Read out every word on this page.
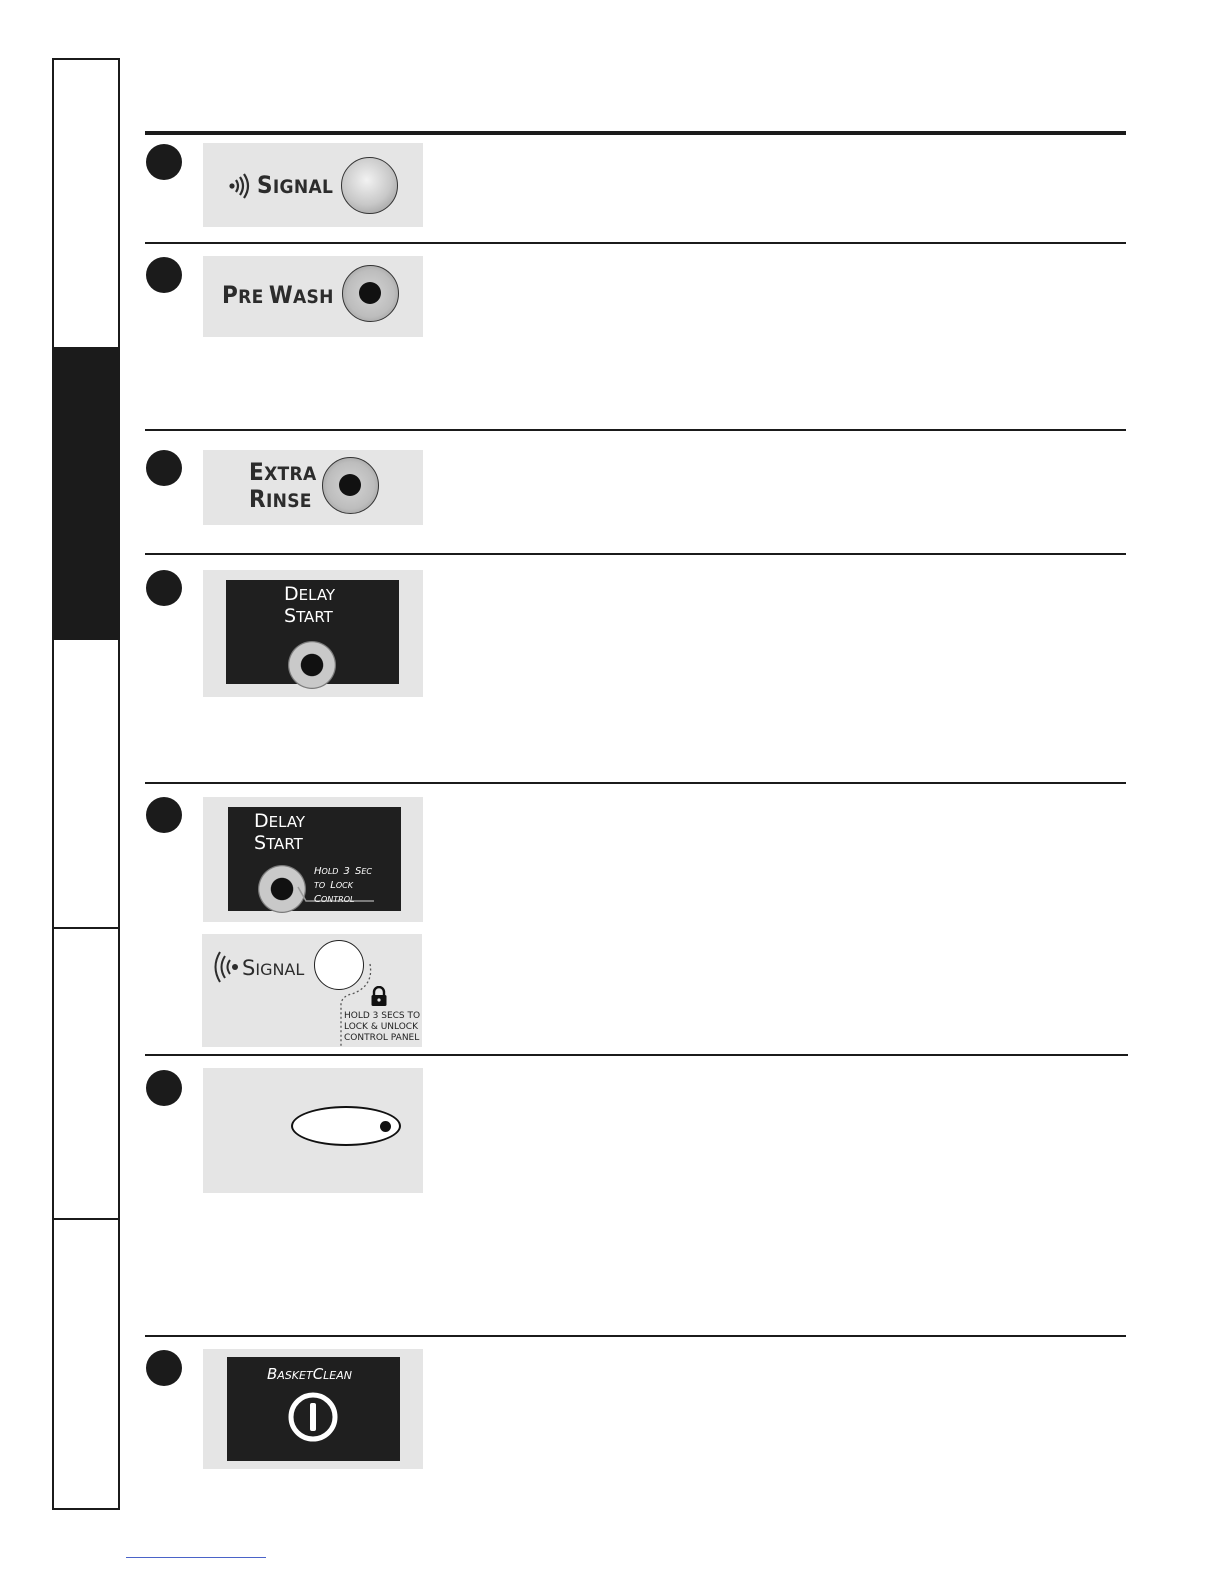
SIGNAL
PRE WASH
EXTRA
RINSE
DELAY
START
DELAY
START
HOLD 3 SEC
TO LOCK
CONTROL
SIGNAL
HOLD 3 SECS TO
LOCK & UNLOCK
CONTROL PANEL
BASKETCLEAN
